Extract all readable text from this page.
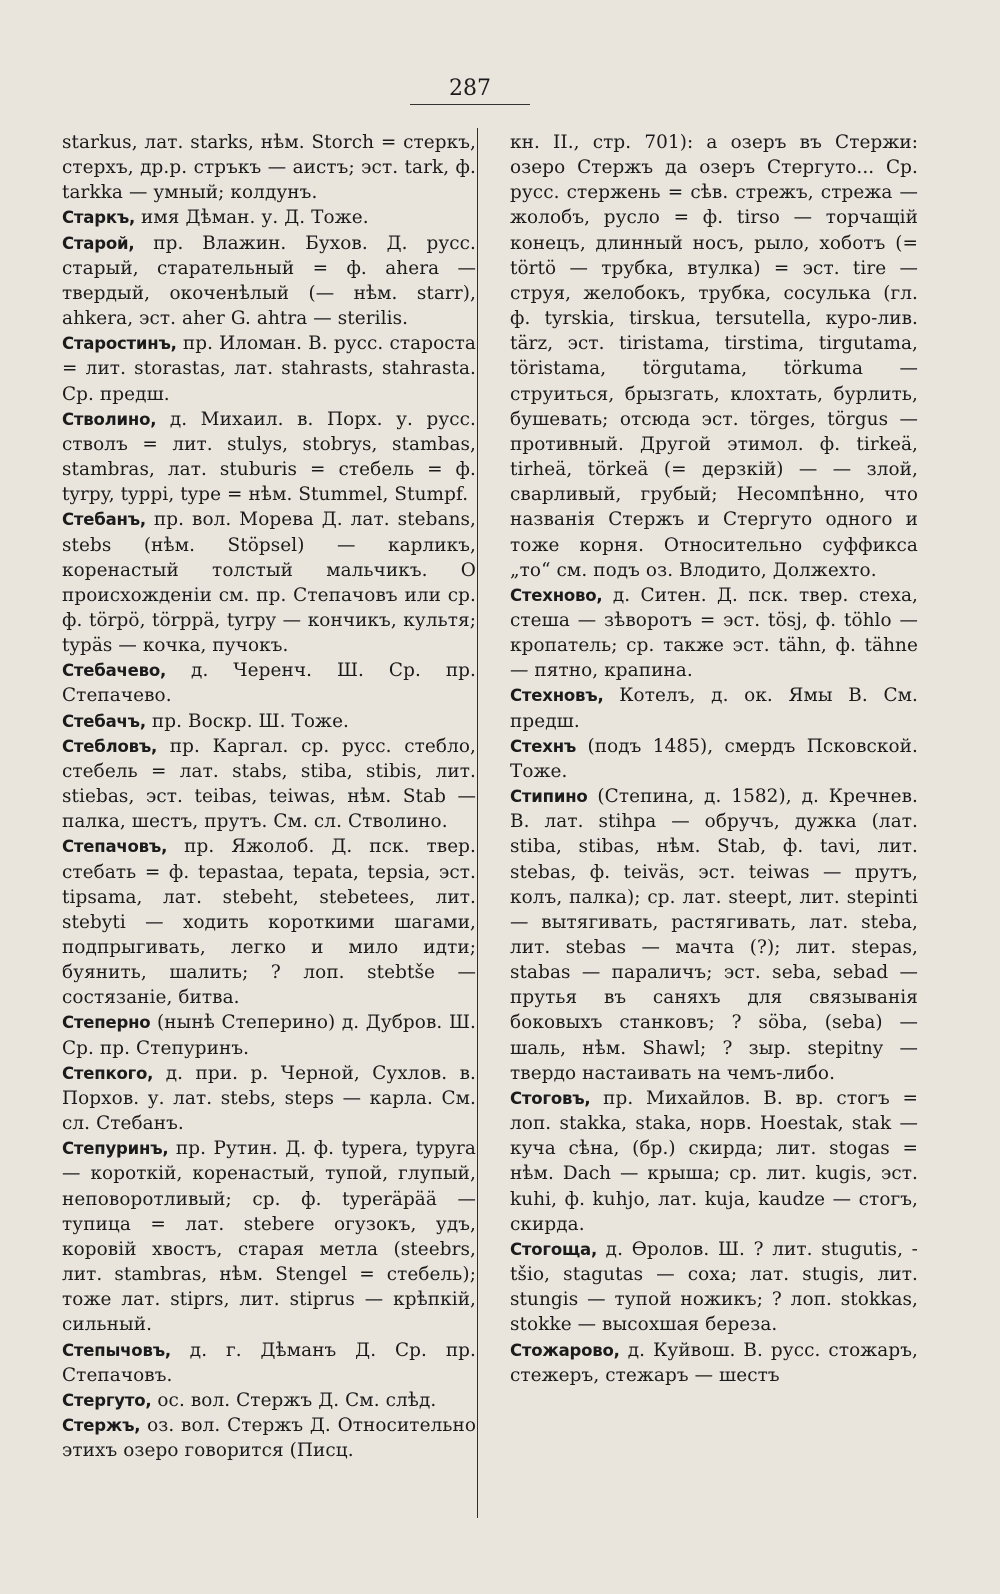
287

starkus, лат. starks, нѣм. Storch = стеркъ, стерхъ, др.р. стръкъ — аистъ; эст. tark, ф. tarkka — умный; колдунъ.

Старкъ, имя Дѣман. у. Д. Тоже.

Старой, пр. Влажин. Бухов. Д. русс. старый, старательный = ф. ahera — твердый, окоченѣлый (— нѣм. starr), ahkera, эст. aher G. ahtra — sterilis.

Старостинъ, пр. Иломан. В. русс. староста = лит. storastas, лат. stahrasts, stahrasta. Ср. предш.

Стволино, д. Михаил. в. Порх. у. русс. стволъ = лит. stulys, stobrys, stambas, stambras, лат. stuburis = стебель = ф. tyrpy, typpi, type = нѣм. Stummel, Stumpf.

Стебанъ, пр. вол. Морева Д. лат. stebans, stebs (нѣм. Stöpsel) — карликъ, коренастый толстый мальчикъ. О происхожденіи см. пр. Степачовъ или ср. ф. törpö, törppä, tyrpy — кончикъ, культя; typäs — кочка, пучокъ.

Стебачево, д. Черенч. Ш. Ср. пр. Степачево.

Стебачъ, пр. Воскр. Ш. Тоже.

Стебловъ, пр. Каргал. ср. русс. стебло, стебель = лат. stabs, stiba, stibis, лит. stiebas, эст. teibas, teiwas, нѣм. Stab — палка, шестъ, прутъ. См. сл. Стволино.

Степачовъ, пр. Яжолоб. Д. пск. твер. стебать = ф. tepastaa, tepata, tepsia, эст. tipsama, лат. stebeht, stebetees, лит. stebyti — ходить короткими шагами, подпрыгивать, легко и мило идти; буянить, шалить; ? лоп. stebtše — состязаніе, битва.

Степерно (нынѣ Степерино) д. Дубров. Ш. Ср. пр. Степуринъ.

Степкого, д. при. р. Черной, Сухлов. в. Порхов. у. лат. stebs, steps — карла. См. сл. Стебанъ.

Степуринъ, пр. Рутин. Д. ф. typera, typyra — короткій, коренастый, тупой, глупый, неповоротливый; ср. ф. typeräpää — тупица = лат. stebere огузокъ, удъ, коровій хвостъ, старая метла (steebrs, лит. stambras, нѣм. Stengel = стебель); тоже лат. stiprs, лит. stiprus — крѣпкій, сильный.

Степычовъ, д. г. Дѣманъ Д. Ср. пр. Степачовъ.

Стергуто, ос. вол. Стержъ Д. См. слѣд.

Стержъ, оз. вол. Стержъ Д. Относительно этихъ озеро говорится (Писц.

кн. II., стр. 701): а озеръ въ Стержи: озеро Стержъ да озеръ Стергуто... Ср. русс. стержень = сѣв. стрежъ, стрежа — жолобъ, русло = ф. tirso — торчащій конецъ, длинный носъ, рыло, хоботъ (= törtö — трубка, втулка) = эст. tire — струя, желобокъ, трубка, сосулька (гл. ф. tyrskia, tirskua, tersutella, куро-лив. tärz, эст. tiristama, tirstima, tirgutama, töristama, törgutama, törkuma — струиться, брызгать, клохтать, бурлить, бушевать; отсюда эст. törges, törgus — противный. Другой этимол. ф. tirkeä, tirheä, törkeä (= дерзкій) — — злой, сварливый, грубый; Несомпѣнно, что названія Стержъ и Стергуто одного и тоже корня. Относительно суффикса „то“ см. подъ оз. Влодито, Должехто.

Стехново, д. Ситен. Д. пск. твер. стеха, стеша — зѣворотъ = эст. tösj, ф. töhlo — кропатель; ср. также эст. tähn, ф. tähne — пятно, крапина.

Стехновъ, Котелъ, д. ок. Ямы В. См. предш.

Стехнъ (подъ 1485), смердъ Псковской. Тоже.

Стипино (Степина, д. 1582), д. Кречнев. В. лат. stihpa — обручъ, дужка (лат. stiba, stibas, нѣм. Stab, ф. tavi, лит. stebas, ф. teiväs, эст. teiwas — прутъ, колъ, палка); ср. лат. steept, лит. stepinti — вытягивать, растягивать, лат. steba, лит. stebas — мачта (?); лит. stepas, stabas — параличъ; эст. seba, sebad — прутья въ саняхъ для связыванія боковыхъ станковъ; ? söba, (seba) — шаль, нѣм. Shawl; ? зыр. stepitny — твердо настаивать на чемъ-либо.

Стоговъ, пр. Михайлов. В. вр. стогъ = лоп. stakka, staka, норв. Hoestak, stak — куча сѣна, (бр.) скирда; лит. stogas = нѣм. Dach — крыша; ср. лит. kugis, эст. kuhi, ф. kuhjo, лат. kuja, kaudze — стогъ, скирда.

Стогоща, д. Ѳролов. Ш. ? лит. stugutis, -tšio, stagutas — соха; лат. stugis, лит. stungis — тупой ножикъ; ? лоп. stokkas, stokke — высохшая береза.

Стожарово, д. Куйвош. В. русс. стожаръ, стежеръ, стежаръ — шестъ
